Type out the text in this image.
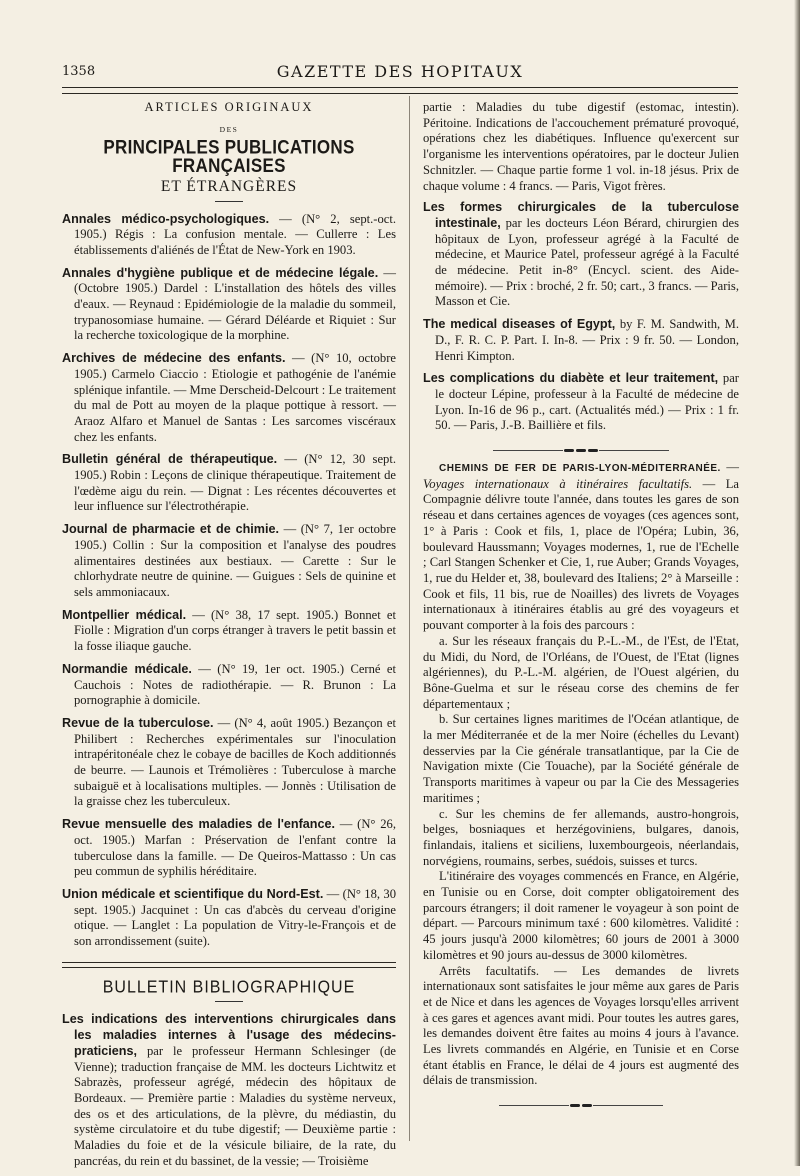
1358	GAZETTE DES HOPITAUX

ARTICLES ORIGINAUX

DES

PRINCIPALES PUBLICATIONS FRANÇAISES
ET ÉTRANGÈRES

Annales médico-psychologiques. — (N° 2, sept.-oct. 1905.) Régis : La confusion mentale. — Cullerre : Les établissements d'aliénés de l'État de New-York en 1903.

Annales d'hygiène publique et de médecine légale. — (Octobre 1905.) Dardel : L'installation des hôtels des villes d'eaux. — Reynaud : Epidémiologie de la maladie du sommeil, trypanosomiase humaine. — Gérard Déléarde et Riquiet : Sur la recherche toxicologique de la morphine.

Archives de médecine des enfants. — (N° 10, octobre 1905.) Carmelo Ciaccio : Etiologie et pathogénie de l'anémie splénique infantile. — Mme Derscheid-Delcourt : Le traitement du mal de Pott au moyen de la plaque pottique à ressort. — Araoz Alfaro et Manuel de Santas : Les sarcomes viscéraux chez les enfants.

Bulletin général de thérapeutique. — (N° 12, 30 sept. 1905.) Robin : Leçons de clinique thérapeutique. Traitement de l'œdème aigu du rein. — Dignat : Les récentes découvertes et leur influence sur l'électrothérapie.

Journal de pharmacie et de chimie. — (N° 7, 1er octobre 1905.) Collin : Sur la composition et l'analyse des poudres alimentaires destinées aux bestiaux. — Carette : Sur le chlorhydrate neutre de quinine. — Guigues : Sels de quinine et sels ammoniacaux.

Montpellier médical. — (N° 38, 17 sept. 1905.) Bonnet et Fiolle : Migration d'un corps étranger à travers le petit bassin et la fosse iliaque gauche.

Normandie médicale. — (N° 19, 1er oct. 1905.) Cerné et Cauchois : Notes de radiothérapie. — R. Brunon : La pornographie à domicile.

Revue de la tuberculose. — (N° 4, août 1905.) Bezançon et Philibert : Recherches expérimentales sur l'inoculation intrapéritonéale chez le cobaye de bacilles de Koch additionnés de beurre. — Launois et Trémolières : Tuberculose à marche subaiguë et à localisations multiples. — Jonnès : Utilisation de la graisse chez les tuberculeux.

Revue mensuelle des maladies de l'enfance. — (N° 26, oct. 1905.) Marfan : Préservation de l'enfant contre la tuberculose dans la famille. — De Queiros-Mattasso : Un cas peu commun de syphilis héréditaire.

Union médicale et scientifique du Nord-Est. — (N° 18, 30 sept. 1905.) Jacquinet : Un cas d'abcès du cerveau d'origine otique. — Langlet : La population de Vitry-le-François et de son arrondissement (suite).

BULLETIN BIBLIOGRAPHIQUE

Les indications des interventions chirurgicales dans les maladies internes à l'usage des médecins-praticiens, par le professeur Hermann Schlesinger (de Vienne); traduction française de MM. les docteurs Lichtwitz et Sabrazès, professeur agrégé, médecin des hôpitaux de Bordeaux. — Première partie : Maladies du système nerveux, des os et des articulations, de la plèvre, du médiastin, du système circulatoire et du tube digestif; — Deuxième partie : Maladies du foie et de la vésicule biliaire, de la rate, du pancréas, du rein et du bassinet, de la vessie; — Troisième

partie : Maladies du tube digestif (estomac, intestin). Péritoine. Indications de l'accouchement prématuré provoqué, opérations chez les diabétiques. Influence qu'exercent sur l'organisme les interventions opératoires, par le docteur Julien Schnitzler. — Chaque partie forme 1 vol. in-18 jésus. Prix de chaque volume : 4 francs. — Paris, Vigot frères.

Les formes chirurgicales de la tuberculose intestinale, par les docteurs Léon Bérard, chirurgien des hôpitaux de Lyon, professeur agrégé à la Faculté de médecine, et Maurice Patel, professeur agrégé à la Faculté de médecine. Petit in-8° (Encycl. scient. des Aide-mémoire). — Prix : broché, 2 fr. 50; cart., 3 francs. — Paris, Masson et Cie.

The medical diseases of Egypt, by F. M. Sandwith, M. D., F. R. C. P. Part. I. In-8. — Prix : 9 fr. 50. — London, Henri Kimpton.

Les complications du diabète et leur traitement, par le docteur Lépine, professeur à la Faculté de médecine de Lyon. In-16 de 96 p., cart. (Actualités méd.) — Prix : 1 fr. 50. — Paris, J.-B. Baillière et fils.

CHEMINS DE FER DE PARIS-LYON-MÉDITERRANÉE. — Voyages internationaux à itinéraires facultatifs. — La Compagnie délivre toute l'année, dans toutes les gares de son réseau et dans certaines agences de voyages (ces agences sont, 1° à Paris : Cook et fils, 1, place de l'Opéra; Lubin, 36, boulevard Haussmann; Voyages modernes, 1, rue de l'Echelle ; Carl Stangen Schenker et Cie, 1, rue Auber; Grands Voyages, 1, rue du Helder et, 38, boulevard des Italiens; 2° à Marseille : Cook et fils, 11 bis, rue de Noailles) des livrets de Voyages internationaux à itinéraires établis au gré des voyageurs et pouvant comporter à la fois des parcours :

a. Sur les réseaux français du P.-L.-M., de l'Est, de l'Etat, du Midi, du Nord, de l'Orléans, de l'Ouest, de l'Etat (lignes algériennes), du P.-L.-M. algérien, de l'Ouest algérien, du Bône-Guelma et sur le réseau corse des chemins de fer départementaux ;

b. Sur certaines lignes maritimes de l'Océan atlantique, de la mer Méditerranée et de la mer Noire (échelles du Levant) desservies par la Cie générale transatlantique, par la Cie de Navigation mixte (Cie Touache), par la Société générale de Transports maritimes à vapeur ou par la Cie des Messageries maritimes ;

c. Sur les chemins de fer allemands, austro-hongrois, belges, bosniaques et herzégoviniens, bulgares, danois, finlandais, italiens et siciliens, luxembourgeois, néerlandais, norvégiens, roumains, serbes, suédois, suisses et turcs.

L'itinéraire des voyages commencés en France, en Algérie, en Tunisie ou en Corse, doit compter obligatoirement des parcours étrangers; il doit ramener le voyageur à son point de départ. — Parcours minimum taxé : 600 kilomètres. Validité : 45 jours jusqu'à 2000 kilomètres; 60 jours de 2001 à 3000 kilomètres et 90 jours au-dessus de 3000 kilomètres.

Arrêts facultatifs. — Les demandes de livrets internationaux sont satisfaites le jour même aux gares de Paris et de Nice et dans les agences de Voyages lorsqu'elles arrivent à ces gares et agences avant midi. Pour toutes les autres gares, les demandes doivent être faites au moins 4 jours à l'avance. Les livrets commandés en Algérie, en Tunisie et en Corse étant établis en France, le délai de 4 jours est augmenté des délais de transmission.
